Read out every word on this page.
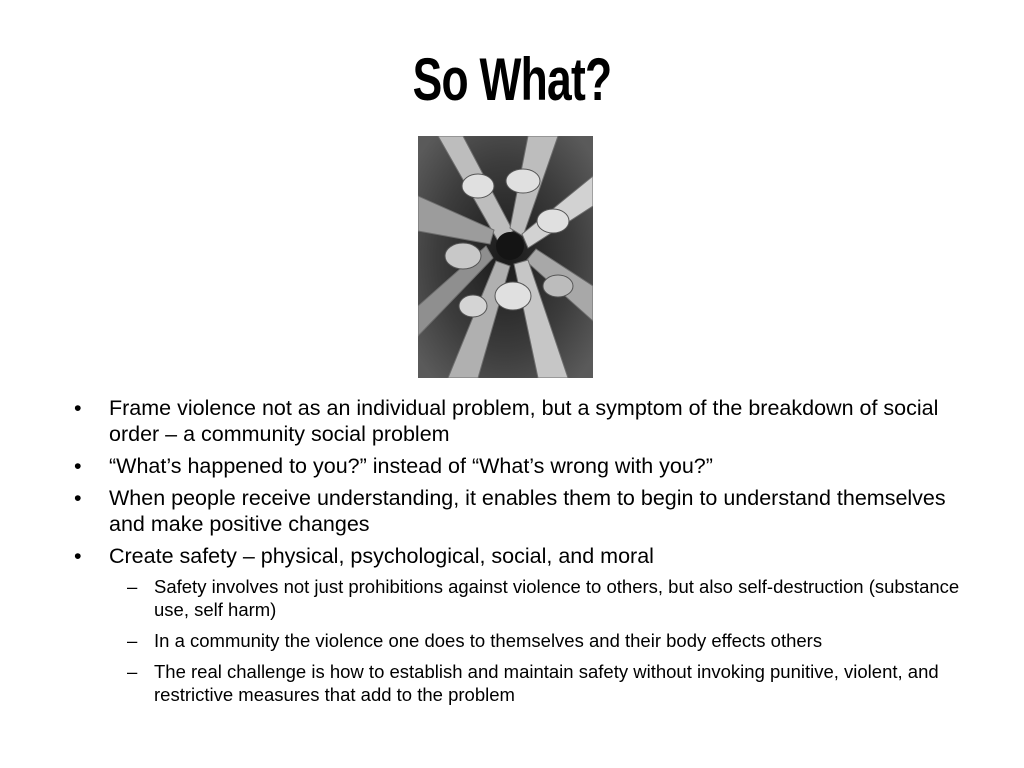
So What?
• Frame violence not as an individual problem, but a symptom of the breakdown of social order – a community social problem
• “What’s happened to you?” instead of “What’s wrong with you?”
• When people receive understanding, it enables them to begin to understand themselves and make positive changes
• Create safety – physical, psychological, social, and moral
– Safety involves not just prohibitions against violence to others, but also self-destruction (substance use, self harm)
– In a community the violence one does to themselves and their body effects others
– The real challenge is how to establish and maintain safety without invoking punitive, violent, and restrictive measures that add to the problem
